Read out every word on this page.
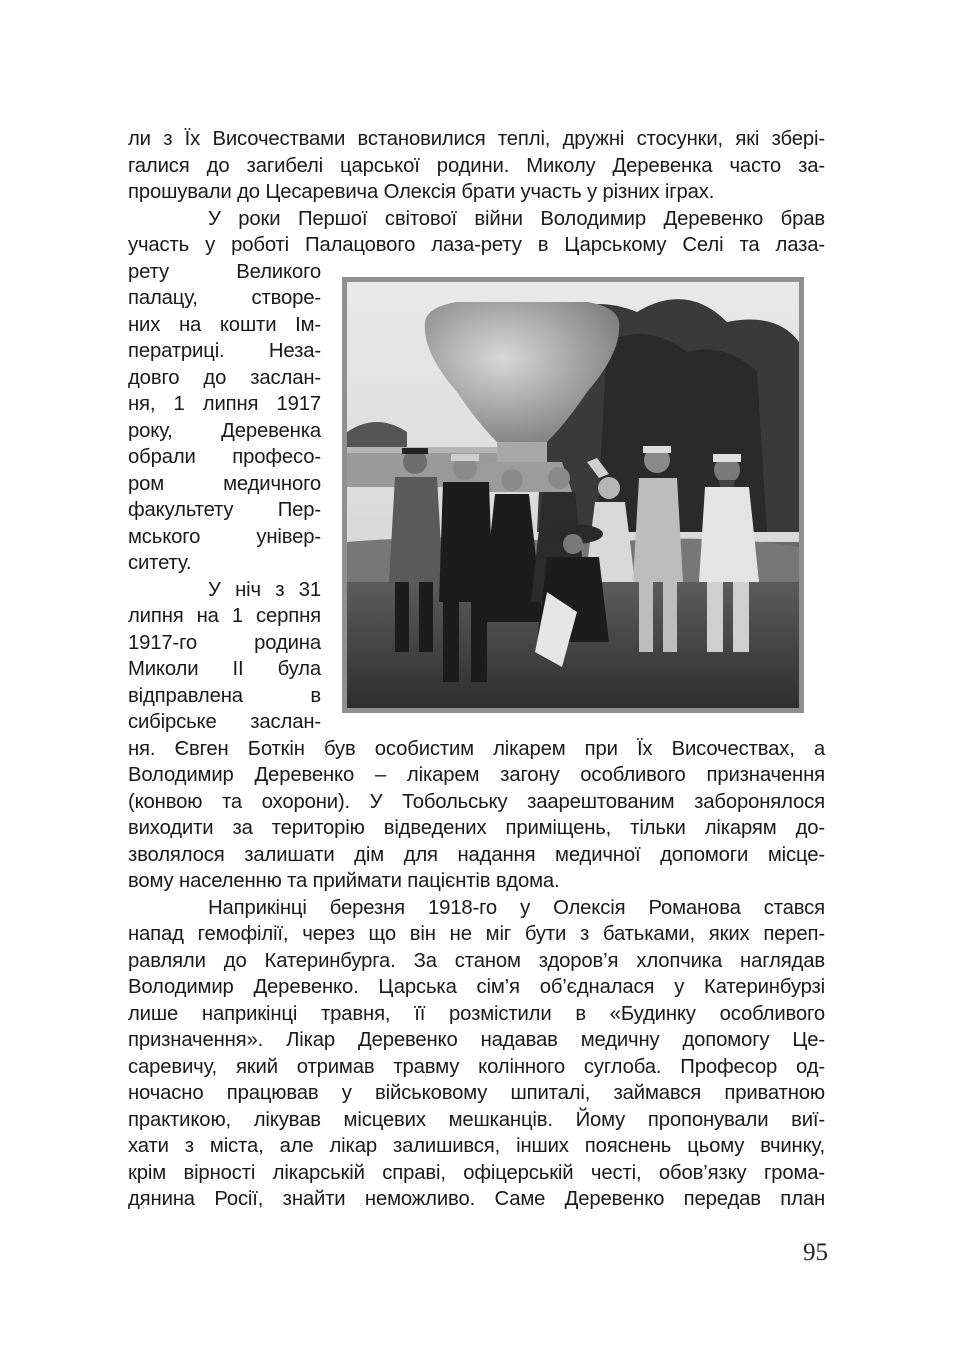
ли з Їх Височествами встановилися теплі, дружні стосунки, які збері-
галися до загибелі царської родини. Миколу Деревенка часто за-
прошували до Цесаревича Олексія брати участь у різних іграх.
У роки Першої світової війни Володимир Деревенко брав
участь у роботі Палацового лаза-рету в Царському Селі та лаза-
рету Великого
палацу, створе-
них на кошти Ім-
ператриці. Неза-
довго до заслан-
ня, 1 липня 1917
року, Деревенка
обрали професо-
ром медичного
факультету Пер-
мського універ-
ситету.
У ніч з 31
липня на 1 серпня
1917-го родина
Миколи ІІ була
відправлена в
сибірське заслан-
ня. Євген Боткін був особистим лікарем при Їх Височествах, а
Володимир Деревенко – лікарем загону особливого призначення
(конвою та охорони). У Тобольську заарештованим заборонялося
виходити за територію відведених приміщень, тільки лікарям до-
зволялося залишати дім для надання медичної допомоги місце-
вому населенню та приймати пацієнтів вдома.
Наприкінці березня 1918-го у Олексія Романова стався
напад гемофілії, через що він не міг бути з батьками, яких переп-
равляли до Катеринбурга. За станом здоров’я хлопчика наглядав
Володимир Деревенко. Царська сім’я об’єдналася у Катеринбурзі
лише наприкінці травня, її розмістили в «Будинку особливого
призначення». Лікар Деревенко надавав медичну допомогу Це-
саревичу, який отримав травму колінного суглоба. Професор од-
ночасно працював у військовому шпиталі, займався приватною
практикою, лікував місцевих мешканців. Йому пропонували виї-
хати з міста, але лікар залишився, інших пояснень цьому вчинку,
крім вірності лікарській справі, офіцерській честі, обов’язку грома-
дянина Росії, знайти неможливо. Саме Деревенко передав план
95
